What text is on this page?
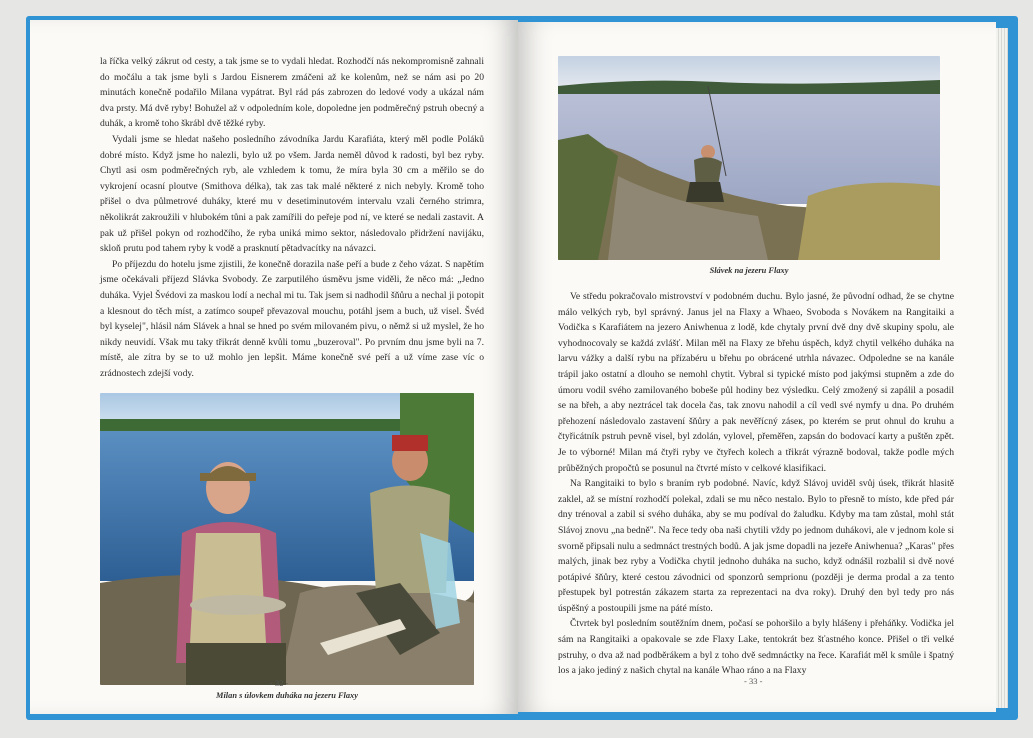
la říčka velký zákrut od cesty, a tak jsme se to vydali hledat. Rozhodčí nás nekompromisně zahnali do močálu a tak jsme byli s Jardou Eisnerem zmáčeni až ke kolenům, než se nám asi po 20 minutách konečně podařilo Milana vypátrat. Byl rád pás zabrozen do ledové vody a ukázal nám dva prsty. Má dvě ryby! Bohužel až v odpoledním kole, dopoledne jen podměrečný pstruh obecný a duhák, a kromě toho škrábl dvě těžké ryby.

Vydali jsme se hledat našeho posledního závodníka Jardu Karafiáta, který měl podle Poláků dobré místo. Když jsme ho nalezli, bylo už po všem. Jarda neměl důvod k radosti, byl bez ryby. Chytl asi osm podměrečných ryb, ale vzhledem k tomu, že míra byla 30 cm a měřilo se do vykrojení ocasní ploutve (Smithova délka), tak zas tak malé některé z nich nebyly. Kromě toho přišel o dva půlmetrové duháky, které mu v desetiminutovém intervalu vzali černého strimra, několikrát zakroužili v hlubokém tůni a pak zamířili do peřeje pod ní, ve které se nedali zastavit. A pak už přišel pokyn od rozhodčího, že ryba uniká mimo sektor, následovalo přidržení navijáku, skloň prutu pod tahem ryby k vodě a prasknutí pětadvacítky na návazci.

Po příjezdu do hotelu jsme zjistili, že konečně dorazila naše peří a bude z čeho vázat. S napětím jsme očekávali příjezd Slávka Svobody. Ze zarputilého úsměvu jsme viděli, že něco má: „Jedno duháka. Vyjel Švédovi za maskou lodí a nechal mi tu. Tak jsem si nadhodil šňůru a nechal ji potopit a klesnout do těch míst, a zatímco soupeř převazoval mouchu, potáhl jsem a buch, už visel. Švéd byl kyselej", hlásil nám Slávek a hnal se hned po svém milovaném pivu, o němž si už myslel, že ho nikdy neuvidí. Však mu taky třikrát denně kvůli tomu „buzeroval". Po prvním dnu jsme byli na 7. místě, ale zítra by se to už mohlo jen lepšit. Máme konečně své peří a už víme zase víc o zrádnostech zdejší vody.

Milan s úlovkem duháka na jezeru Flaxy
- 32 -
Slávek na jezeru Flaxy

Ve středu pokračovalo mistrovství v podobném duchu. Bylo jasné, že původní odhad, že se chytne málo velkých ryb, byl správný. Janus jel na Flaxy a Whaeo, Svoboda s Novákem na Rangitaiki a Vodička s Karafiátem na jezero Aniwhenua z lodě, kde chytaly první dvě dny dvě skupiny spolu, ale vyhodnocovaly se každá zvlášť. Milan měl na Flaxy ze břehu úspěch, když chytil velkého duháka na larvu vážky a další rybu na přízabéru u břehu po obrácené utrhla návazec. Odpoledne se na kanále trápil jako ostatní a dlouho se nemohl chytit. Vybral si typické místo pod jakýmsi stupněm a zde do úmoru vodil svého zamilovaného bobeše půl hodiny bez výsledku. Celý zmožený si zapálil a posadil se na břeh, a aby neztrácel tak docela čas, tak znovu nahodil a cíl vedl své nymfy u dna. Po druhém přehození následovalo zastavení šňůry a pak nevěřícný záseк, po kterém se prut ohnul do kruhu a čtyřicátník pstruh pevně visel, byl zdolán, vylovel, přeměřen, zapsán do bodovací karty a puštěn zpět. Je to výborné! Milan má čtyři ryby ve čtyřech kolech a třikrát výrazně bodoval, takže podle mých průběžných propočtů se posunul na čtvrté místo v celkové klasifikaci.

Na Rangitaiki to bylo s braním ryb podobné. Navíc, když Slávoj uviděl svůj úsek, třikrát hlasitě zaklel, až se místní rozhodčí polekal, zdali se mu něco nestalo. Bylo to přesně to místo, kde před pár dny trénoval a zabil si svého duháka, aby se mu podíval do žaludku. Kdyby ma tam zůstal, mohl stát Slávoj znovu „na bedně". Na řece tedy oba naši chytili vždy po jednom duhákovi, ale v jednom kole si svorně připsali nulu a sedmnáct trestných bodů. A jak jsme dopadli na jezeře Aniwhenua? „Karas" přes malých, jinak bez ryby a Vodička chytil jednoho duháka na sucho, když odnášil rozbalil si dvě nové potápivé šňůry, které cestou závodnici od sponzorů semprionu (později je derma prodal a za tento přestupek byl potrestán zákazem starta za reprezentaci na dva roky). Druhý den byl tedy pro nás úspěšný a postoupili jsme na páté místo.

Čtvrtek byl posledním soutěžním dnem, počasí se pohoršilo a byly hlášeny i přeháňky. Vodička jel sám na Rangitaiki a opakovale se zde Flaxy Lake, tentokrát bez šťastného konce. Přišel o tři velké pstruhy, o dva až nad podběrákem a byl z toho dvě sedmnáctky na řece. Karafiát měl k smůle i špatný los a jako jediný z našich chytal na kanále Whao ráno a na Flaxy

- 33 -
